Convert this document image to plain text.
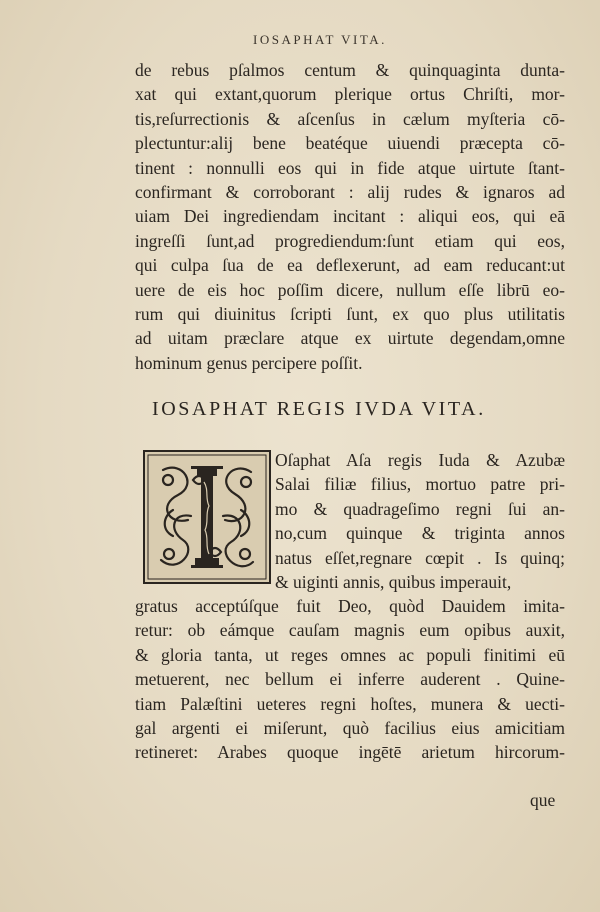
IOSAPHAT VITA.
de rebus pſalmos centum & quinquaginta dunta-
xat qui extant,quorum plerique ortus Chriſti, mor-
tis,reſurrectionis & aſcenſus in cælum myſteria cō-
plectuntur:alij bene beatéque uiuendi præcepta cō-
tinent : nonnulli eos qui in fide atque uirtute ſtant-
confirmant & corroborant : alij rudes & ignaros ad
uiam Dei ingrediendam incitant : aliqui eos, qui eā
ingreſſi ſunt,ad progrediendum:ſunt etiam qui eos,
qui culpa ſua de ea deflexerunt, ad eam reducant:ut
uere de eis hoc poſſim dicere, nullum eſſe librū eo-
rum qui diuinitus ſcripti ſunt, ex quo plus utilitatis
ad uitam præclare atque ex uirtute degendam,omne
hominum genus percipere poſſit.
IOSAPHAT REGIS IVDA VITA.
Oſaphat Aſa regis Iuda & Azubæ
Salai filiæ filius, mortuo patre pri-
mo & quadrageſimo regni ſui an-
no,cum quinque & triginta annos
natus eſſet,regnare cœpit . Is quinq;
& uiginti annis, quibus imperauit,
gratus acceptúſque fuit Deo, quòd Dauidem imita-
retur: ob eámque cauſam magnis eum opibus auxit,
& gloria tanta, ut reges omnes ac populi finitimi eū
metuerent, nec bellum ei inferre auderent . Quine-
tiam Palæſtini ueteres regni hoſtes, munera & uecti-
gal argenti ei miſerunt, quò facilius eius amicitiam
retineret: Arabes quoque ingētē arietum hircorum-
que
